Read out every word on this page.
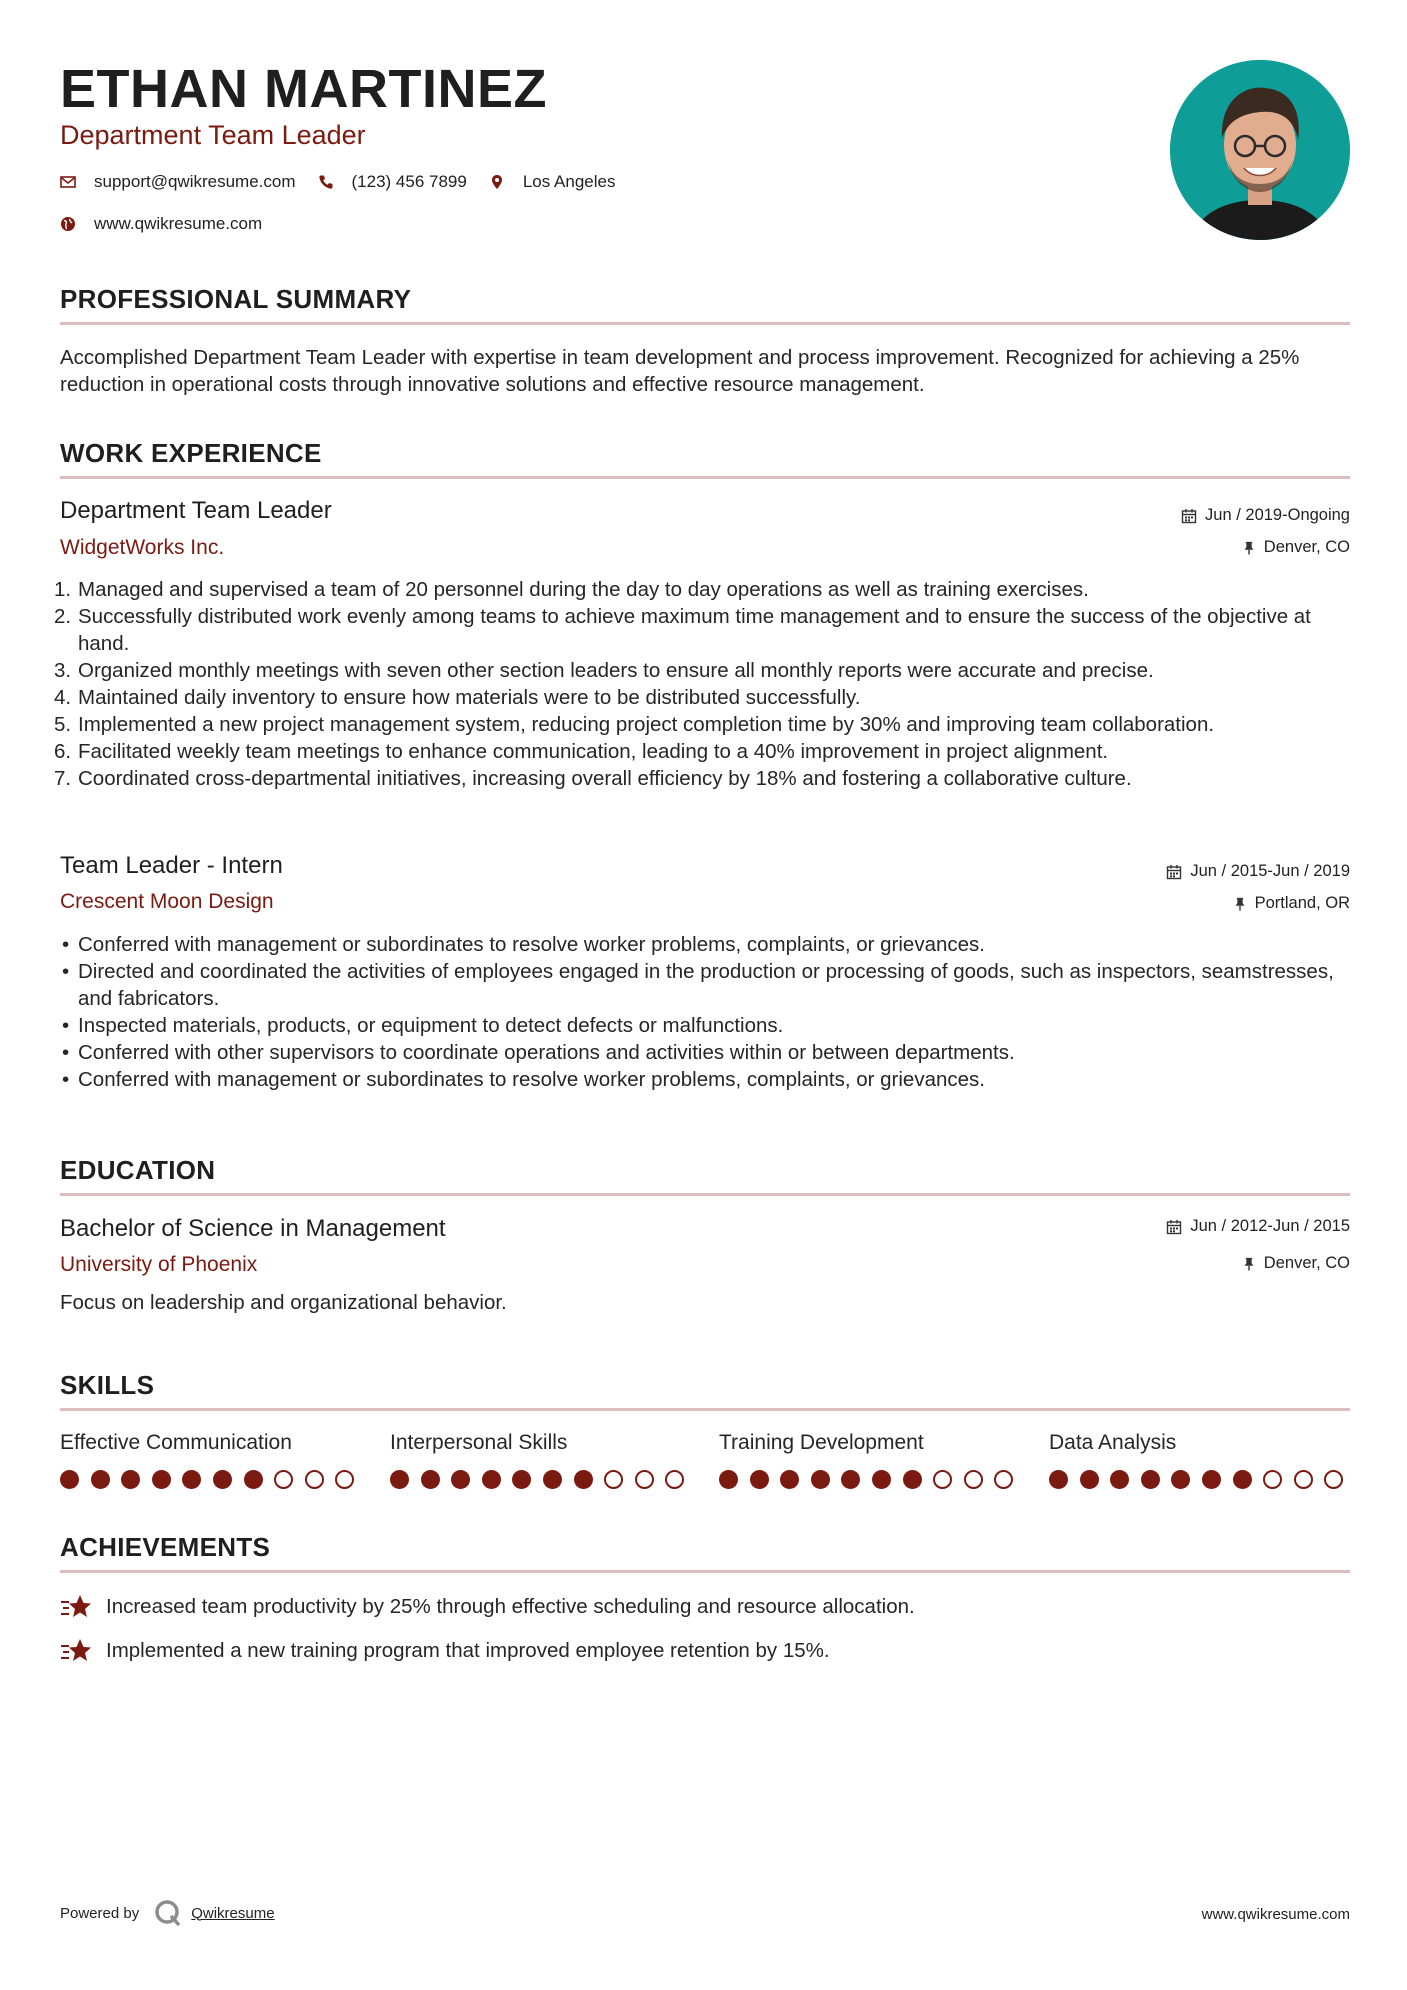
ETHAN MARTINEZ
Department Team Leader
support@qwikresume.com	(123) 456 7899	Los Angeles
www.qwikresume.com
PROFESSIONAL SUMMARY
Accomplished Department Team Leader with expertise in team development and process improvement. Recognized for achieving a 25% reduction in operational costs through innovative solutions and effective resource management.
WORK EXPERIENCE
Department Team Leader
WidgetWorks Inc.
Jun / 2019-Ongoing
Denver, CO
1. Managed and supervised a team of 20 personnel during the day to day operations as well as training exercises.
2. Successfully distributed work evenly among teams to achieve maximum time management and to ensure the success of the objective at hand.
3. Organized monthly meetings with seven other section leaders to ensure all monthly reports were accurate and precise.
4. Maintained daily inventory to ensure how materials were to be distributed successfully.
5. Implemented a new project management system, reducing project completion time by 30% and improving team collaboration.
6. Facilitated weekly team meetings to enhance communication, leading to a 40% improvement in project alignment.
7. Coordinated cross-departmental initiatives, increasing overall efficiency by 18% and fostering a collaborative culture.
Team Leader - Intern
Crescent Moon Design
Jun / 2015-Jun / 2019
Portland, OR
• Conferred with management or subordinates to resolve worker problems, complaints, or grievances.
• Directed and coordinated the activities of employees engaged in the production or processing of goods, such as inspectors, seamstresses, and fabricators.
• Inspected materials, products, or equipment to detect defects or malfunctions.
• Conferred with other supervisors to coordinate operations and activities within or between departments.
• Conferred with management or subordinates to resolve worker problems, complaints, or grievances.
EDUCATION
Bachelor of Science in Management
University of Phoenix
Jun / 2012-Jun / 2015
Denver, CO
Focus on leadership and organizational behavior.
SKILLS
Effective Communication	Interpersonal Skills	Training Development	Data Analysis
ACHIEVEMENTS
Increased team productivity by 25% through effective scheduling and resource allocation.
Implemented a new training program that improved employee retention by 15%.
Powered by	Qwikresume	www.qwikresume.com
